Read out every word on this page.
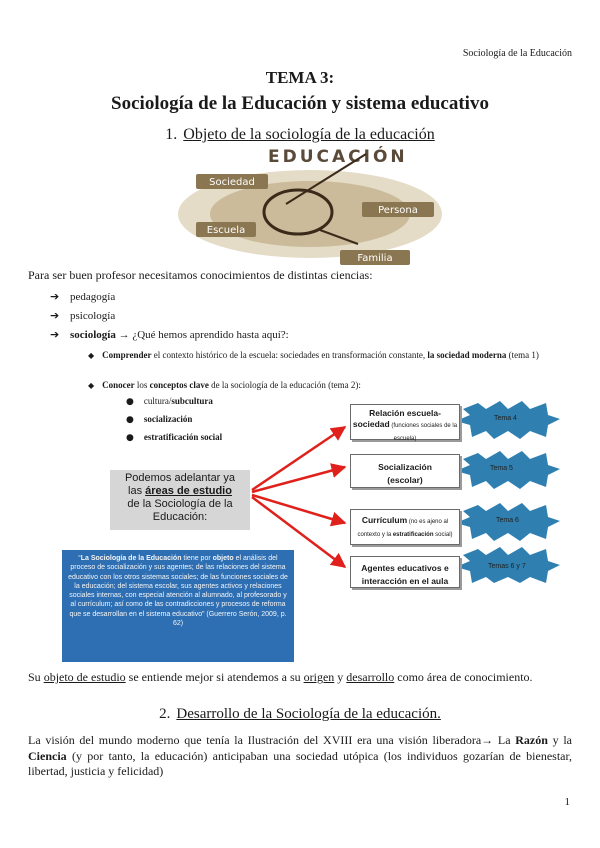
Sociología de la Educación
TEMA 3:
Sociología de la Educación y sistema educativo
1. Objeto de la sociología de la educación
EDUCACIÓN
Sociedad
Persona
Escuela
Familia
Para ser buen profesor necesitamos conocimientos de distintas ciencias:
➔ pedagogía
➔ psicología
➔ sociología → ¿Qué hemos aprendido hasta aquí?:
◆ Comprender el contexto histórico de la escuela: sociedades en transformación constante, la sociedad moderna (tema 1)
◆ Conocer los conceptos clave de la sociología de la educación (tema 2):
● cultura/subcultura
● socialización
● estratificación social
Tema 4
Tema 5
Tema 6
Temas 6 y 7
Relación escuela-
sociedad (funciones sociales de la escuela)
Socialización
(escolar)
Currículum (no es ajeno al contexto y la estratificación social)
Agentes educativos e
interacción en el aula
Podemos adelantar ya
las áreas de estudio
de la Sociología de la
Educación:
“La Sociología de la Educación tiene por objeto el análisis del proceso de socialización y sus agentes; de las relaciones del sistema educativo con los otros sistemas sociales; de las funciones sociales de la educación; del sistema escolar, sus agentes activos y relaciones sociales internas, con especial atención al alumnado, al profesorado y al currículum; así como de las contradicciones y procesos de reforma que se desarrollan en el sistema educativo” (Guerrero Serón, 2009, p. 62)
Su objeto de estudio se entiende mejor si atendemos a su origen y desarrollo como área de conocimiento.
2. Desarrollo de la Sociología de la educación.
La visión del mundo moderno que tenía la Ilustración del XVIII era una visión liberadora→ La Razón y la Ciencia (y por tanto, la educación) anticipaban una sociedad utópica (los individuos gozarían de bienestar, libertad, justicia y felicidad)
1
